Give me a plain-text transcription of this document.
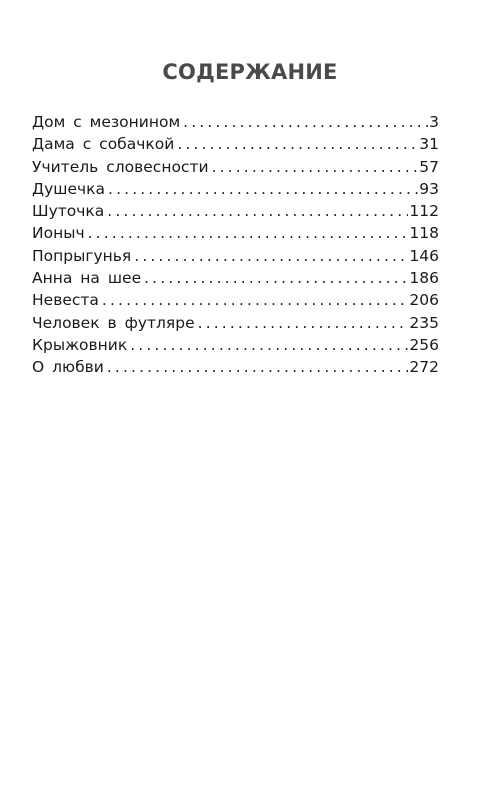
СОДЕРЖАНИЕ
Дом с мезонином . . .	3
Дама с собачкой . . .	31
Учитель словесности . . .	57
Душечка . . .	93
Шуточка . . .	112
Ионыч . . .	118
Попрыгунья . . .	146
Анна на шее . . .	186
Невеста . . .	206
Человек в футляре . . .	235
Крыжовник . . .	256
О любви . . .	272
